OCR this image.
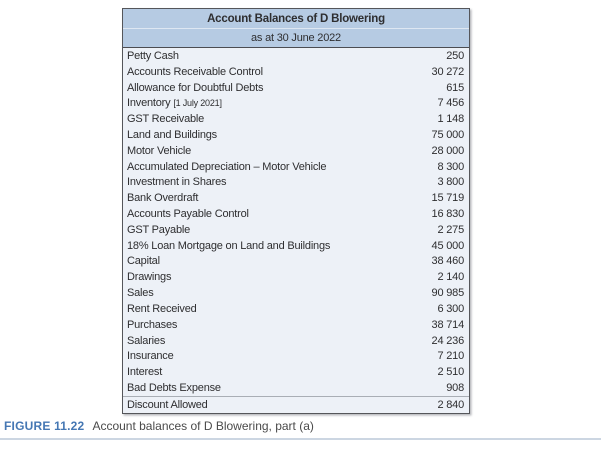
Account Balances of D Blowering
as at 30 June 2022
Petty Cash	250
Accounts Receivable Control	30 272
Allowance for Doubtful Debts	615
Inventory [1 July 2021]	7 456
GST Receivable	1 148
Land and Buildings	75 000
Motor Vehicle	28 000
Accumulated Depreciation – Motor Vehicle	8 300
Investment in Shares	3 800
Bank Overdraft	15 719
Accounts Payable Control	16 830
GST Payable	2 275
18% Loan Mortgage on Land and Buildings	45 000
Capital	38 460
Drawings	2 140
Sales	90 985
Rent Received	6 300
Purchases	38 714
Salaries	24 236
Insurance	7 210
Interest	2 510
Bad Debts Expense	908
Discount Allowed	2 840
FIGURE 11.22 Account balances of D Blowering, part (a)
